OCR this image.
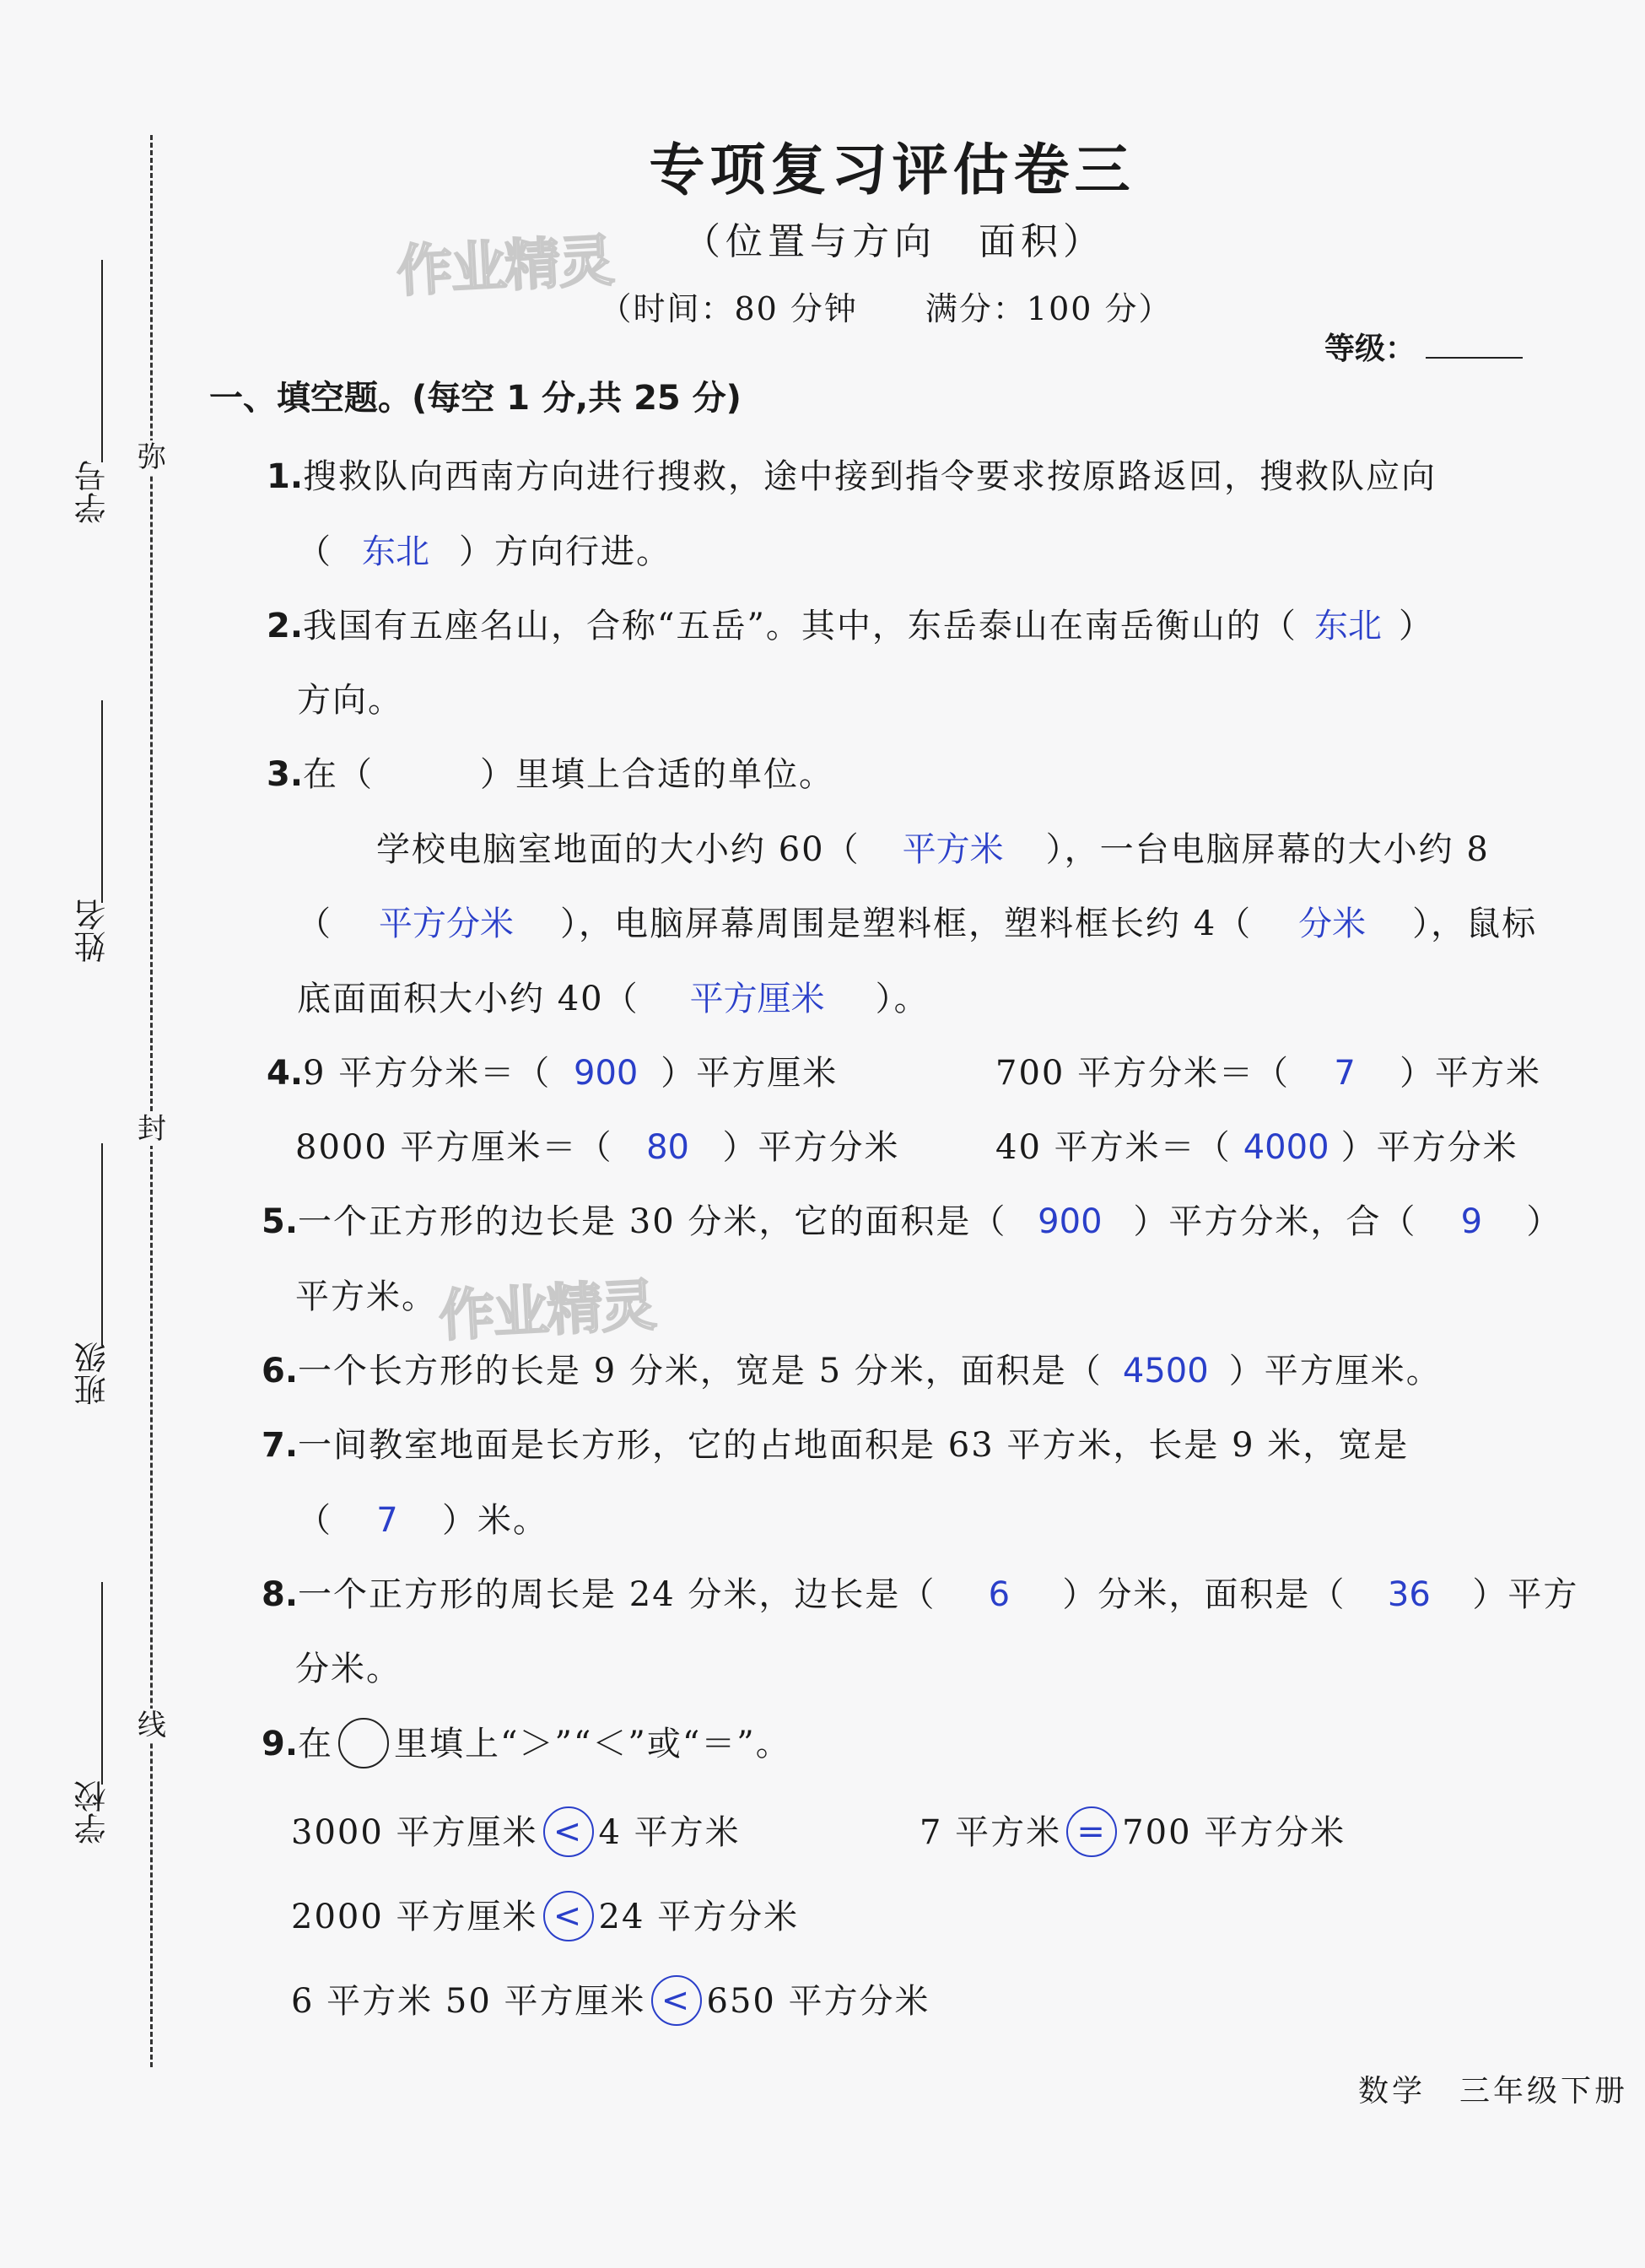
专项复习评估卷三
（位置与方向　面积）
（时间：80 分钟　　满分：100 分）
等级：
作业精灵
作业精灵
学号
姓名
班级
学校
弥
封
线
一、填空题。(每空 1 分,共 25 分)
1.搜救队向西南方向进行搜救，途中接到指令要求按原路返回，搜救队应向
（ 东北 ）方向行进。
2.我国有五座名山，合称“五岳”。其中，东岳泰山在南岳衡山的（ 东北 ）
方向。
3.在（　　　）里填上合适的单位。
学校电脑室地面的大小约 60（ 平方米 ），一台电脑屏幕的大小约 8
（ 平方分米 ），电脑屏幕周围是塑料框，塑料框长约 4（ 分米 ），鼠标
底面面积大小约 40（ 平方厘米 ）。
4.9 平方分米＝（ 900 ）平方厘米	700 平方分米＝（ 7 ）平方米
8000 平方厘米＝（ 80 ）平方分米	40 平方米＝（ 4000 ）平方分米
5.一个正方形的边长是 30 分米，它的面积是（ 900 ）平方分米，合（ 9 ）
平方米。
6.一个长方形的长是 9 分米，宽是 5 分米，面积是（ 4500 ）平方厘米。
7.一间教室地面是长方形，它的占地面积是 63 平方米，长是 9 米，宽是
（ 7 ）米。
8.一个正方形的周长是 24 分米，边长是（ 6 ）分米，面积是（ 36 ）平方
分米。
9.在 里填上“＞”“＜”或“＝”。
3000 平方厘米 < 4 平方米	7 平方米 = 700 平方分米
2000 平方厘米 < 24 平方分米
6 平方米 50 平方厘米 < 650 平方分米
数学　三年级下册
